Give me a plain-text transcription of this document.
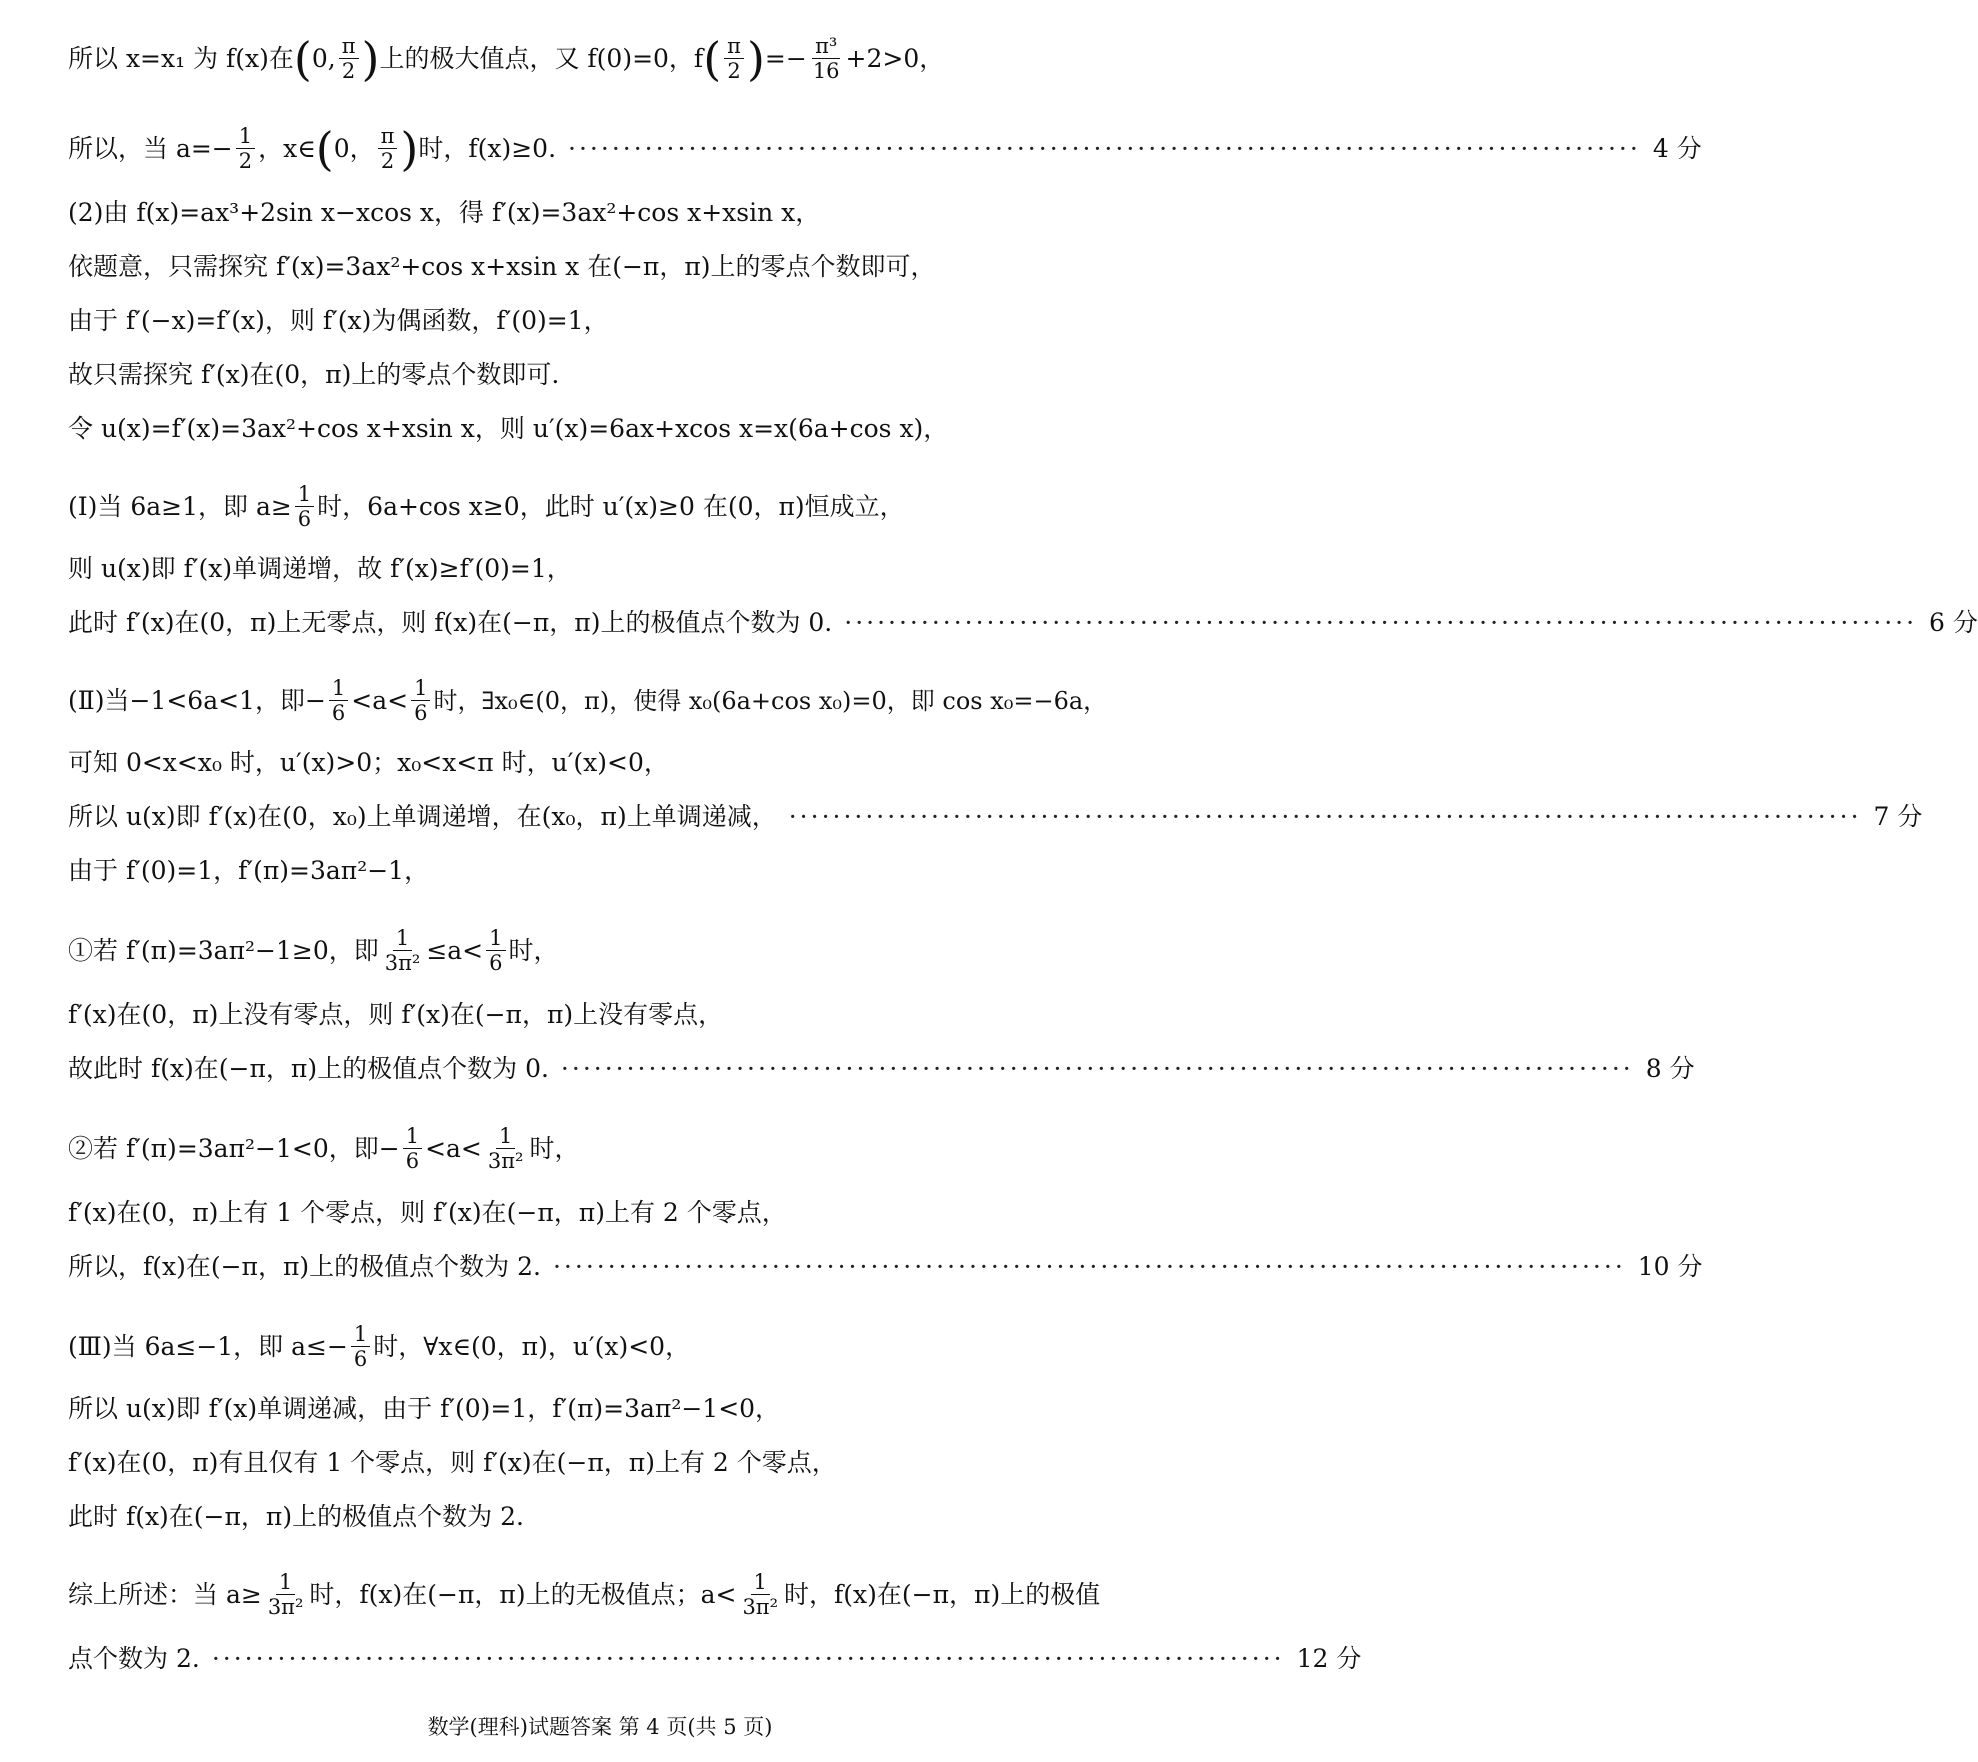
所以 x=x₁ 为 f(x)在 ( 0, $\frac{\pi}{2}$ ) 上的极大值点，又 f(0)=0，f ( $\frac{\pi}{2}$ ) =− $\frac{\text{π³}}{16} +2>0$，
所以，当 $a=- \frac{1}{2}$ ，x∈ ( 0， $\frac{\pi}{2}$ ) 时，f(x)≥0. ·································································································· 4 分
(2)由 f(x)=ax³+2sin x−xcos x，得 f′(x)=3ax²+cos x+xsin x，
依题意，只需探究 f′(x)=3ax²+cos x+xsin x 在(−π，π)上的零点个数即可，
由于 f′(−x)=f′(x)，则 f′(x)为偶函数，f′(0)=1，
故只需探究 f′(x)在(0，π)上的零点个数即可.
令 u(x)=f′(x)=3ax²+cos x+xsin x，则 u′(x)=6ax+xcos x=x(6a+cos x)，
(Ⅰ)当 6a≥1，即 $a\ge \frac{1}{6}$ 时，6a+cos x≥0，此时 u′(x)≥0 在(0，π)恒成立，
则 u(x)即 f′(x)单调递增，故 f′(x)≥f′(0)=1，
此时 f′(x)在(0，π)上无零点，则 f(x)在(−π，π)上的极值点个数为 0. ·································································································· 6 分
(Ⅱ)当−1<6a<1，即− $\frac{1}{6} <a< \frac{1}{6}$ 时，∃x₀∈(0，π)，使得 x₀(6a+cos x₀)=0，即 cos x₀=−6a，
可知 0<x<x₀ 时，u′(x)>0；x₀<x<π 时，u′(x)<0，
所以 u(x)即 f′(x)在(0，x₀)上单调递增，在(x₀，π)上单调递减， ·································································································· 7 分
由于 f′(0)=1，f′(π)=3aπ²−1，
①若 f′(π)=3aπ²−1≥0，即 $\frac{1}{\text{3π²}} \le a< \frac{1}{6}$ 时，
f′(x)在(0，π)上没有零点，则 f′(x)在(−π，π)上没有零点，
故此时 f(x)在(−π，π)上的极值点个数为 0. ·································································································· 8 分
②若 f′(π)=3aπ²−1<0，即− $\frac{1}{6} <a< \frac{1}{\text{3π²}}$ 时，
f′(x)在(0，π)上有 1 个零点，则 f′(x)在(−π，π)上有 2 个零点，
所以，f(x)在(−π，π)上的极值点个数为 2. ·································································································· 10 分
(Ⅲ)当 6a≤−1，即 $a\le- \frac{1}{6}$ 时，∀x∈(0，π)，u′(x)<0，
所以 u(x)即 f′(x)单调递减，由于 f′(0)=1，f′(π)=3aπ²−1<0，
f′(x)在(0，π)有且仅有 1 个零点，则 f′(x)在(−π，π)上有 2 个零点，
此时 f(x)在(−π，π)上的极值点个数为 2.
综上所述：当 $a\ge \frac{1}{\text{3π²}}$ 时，f(x)在(−π，π)上的无极值点；$a< \frac{1}{\text{3π²}}$ 时，f(x)在(−π，π)上的极值
点个数为 2. ·································································································· 12 分
数学(理科)试题答案 第 4 页(共 5 页)
